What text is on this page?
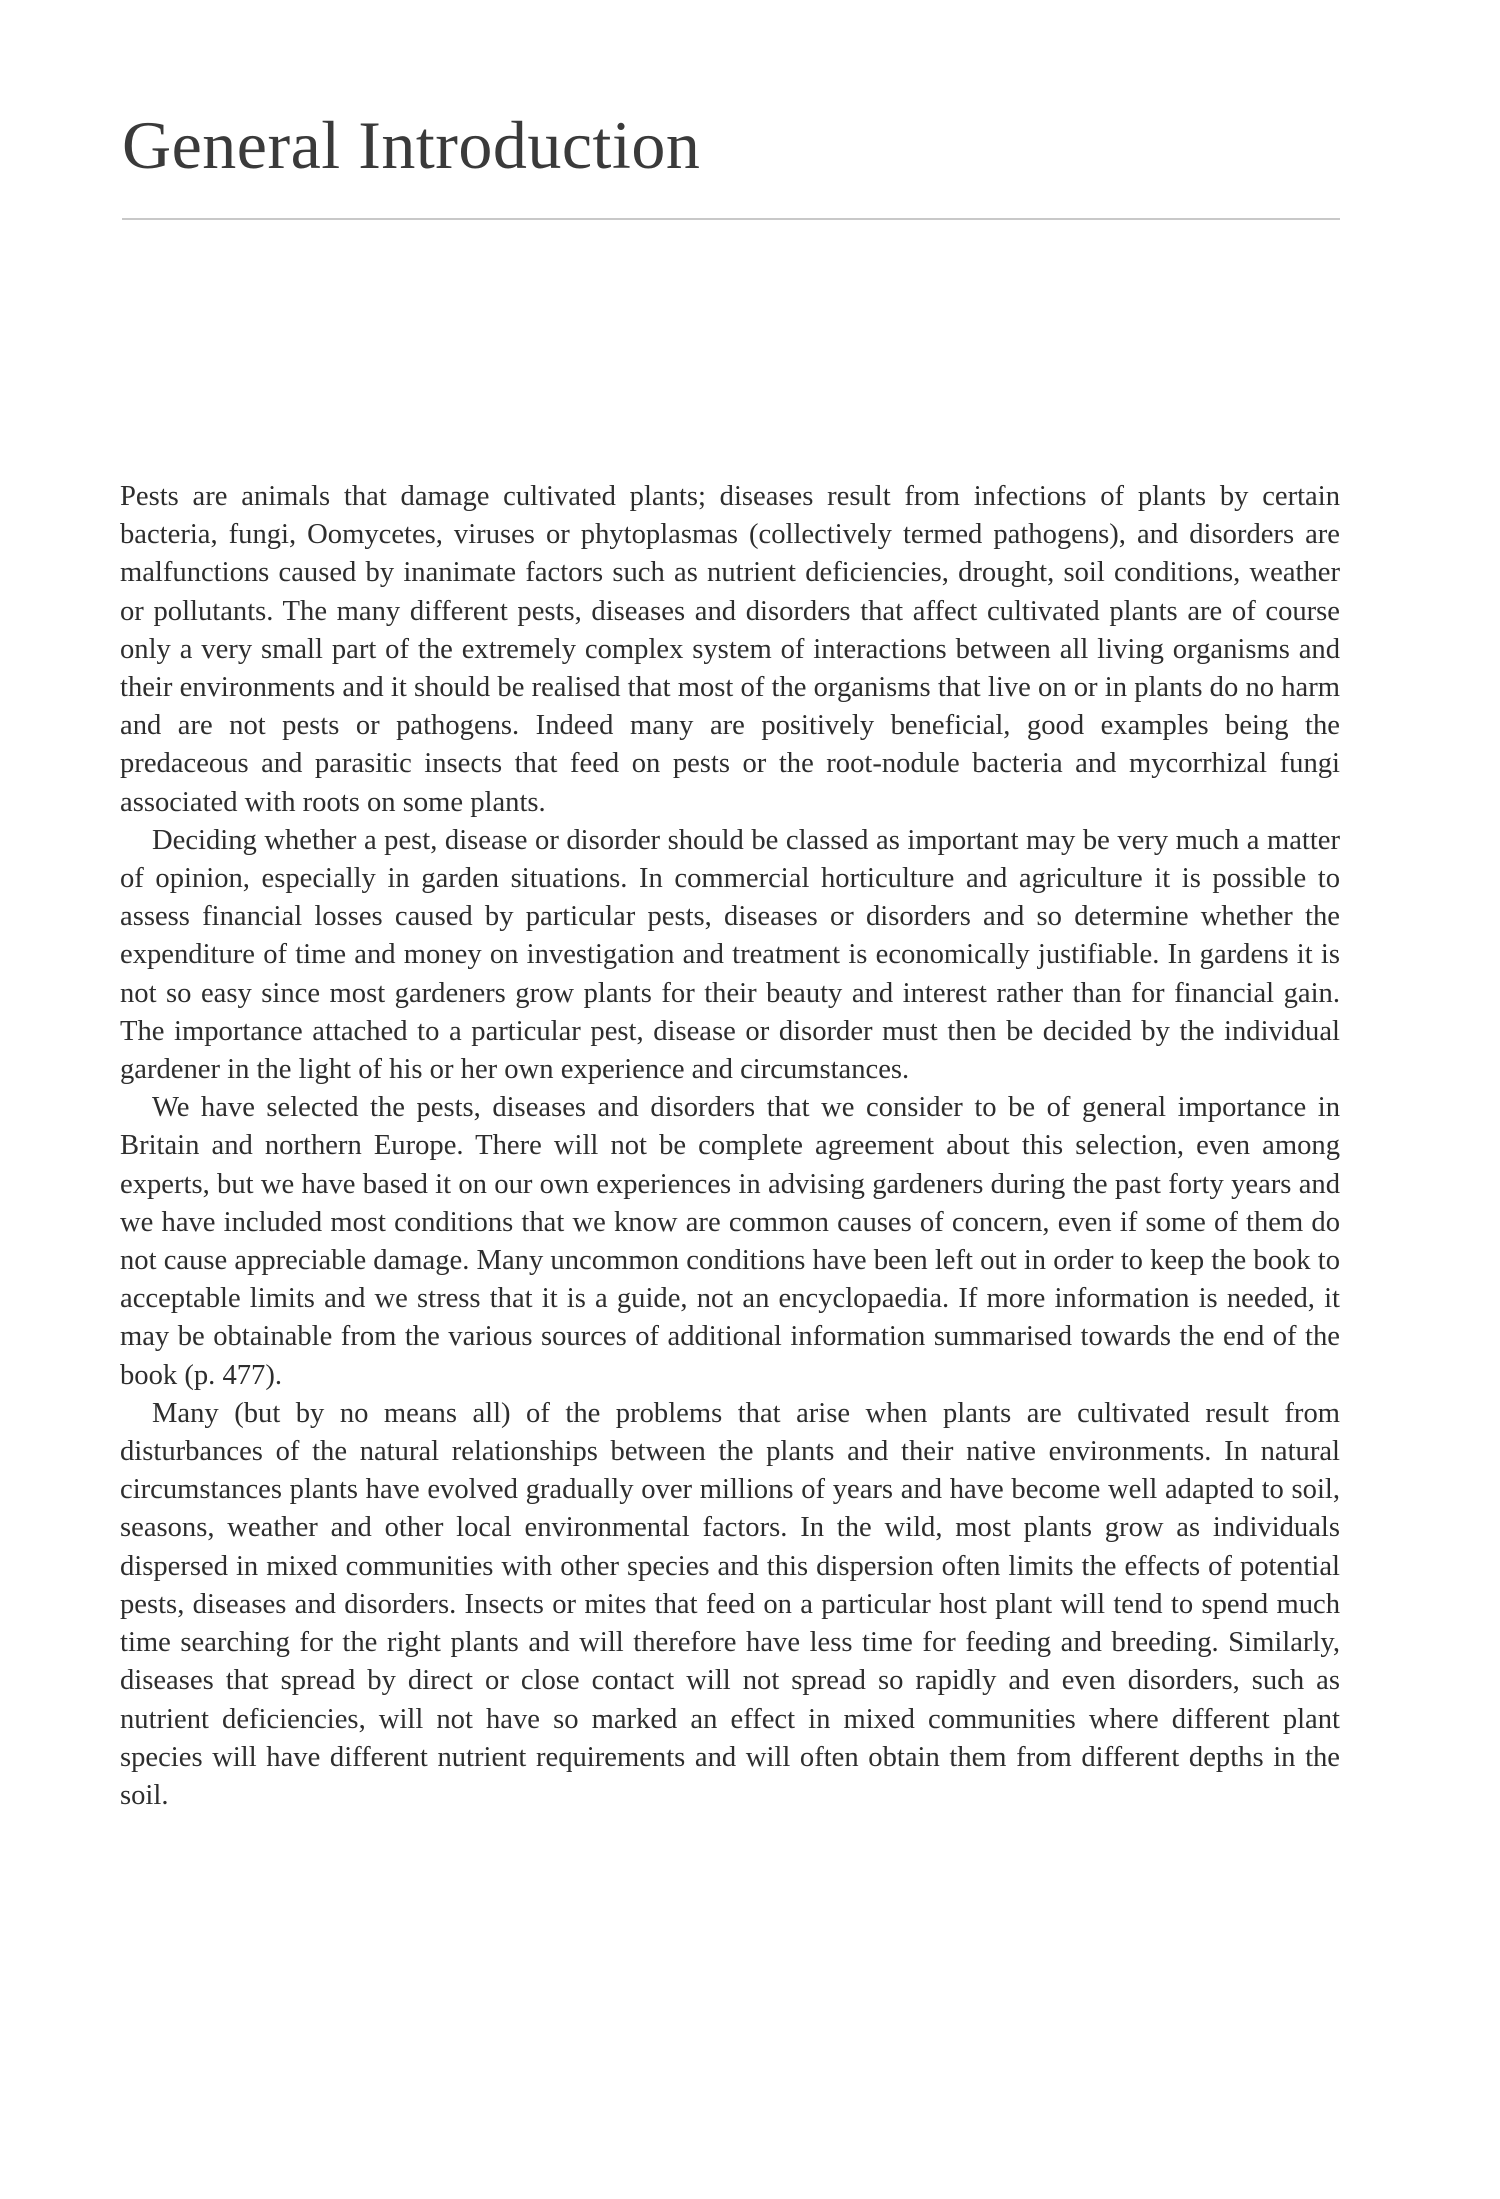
General Introduction

Pests are animals that damage cultivated plants; diseases result from infections of plants by certain bacteria, fungi, Oomycetes, viruses or phytoplasmas (collectively termed pathogens), and disorders are malfunctions caused by inanimate factors such as nutrient deficiencies, drought, soil conditions, weather or pollutants. The many different pests, diseases and disorders that affect cultivated plants are of course only a very small part of the extremely complex system of interactions between all living organisms and their environments and it should be realised that most of the organisms that live on or in plants do no harm and are not pests or pathogens. Indeed many are positively beneficial, good examples being the predaceous and parasitic insects that feed on pests or the root-nodule bacteria and mycorrhizal fungi associated with roots on some plants.

Deciding whether a pest, disease or disorder should be classed as important may be very much a matter of opinion, especially in garden situations. In commercial horticulture and agriculture it is possible to assess financial losses caused by particular pests, diseases or disorders and so determine whether the expenditure of time and money on investigation and treatment is economically justifiable. In gardens it is not so easy since most gardeners grow plants for their beauty and interest rather than for financial gain. The importance attached to a particular pest, disease or disorder must then be decided by the individual gardener in the light of his or her own experience and circumstances.

We have selected the pests, diseases and disorders that we consider to be of general importance in Britain and northern Europe. There will not be complete agreement about this selection, even among experts, but we have based it on our own experiences in advising gardeners during the past forty years and we have included most conditions that we know are common causes of concern, even if some of them do not cause appreciable damage. Many uncommon conditions have been left out in order to keep the book to acceptable limits and we stress that it is a guide, not an encyclopaedia. If more information is needed, it may be obtainable from the various sources of additional information summarised towards the end of the book (p. 477).

Many (but by no means all) of the problems that arise when plants are cultivated result from disturbances of the natural relationships between the plants and their native environments. In natural circumstances plants have evolved gradually over millions of years and have become well adapted to soil, seasons, weather and other local environmental factors. In the wild, most plants grow as individuals dispersed in mixed communities with other species and this dispersion often limits the effects of potential pests, diseases and disorders. Insects or mites that feed on a particular host plant will tend to spend much time searching for the right plants and will therefore have less time for feeding and breeding. Similarly, diseases that spread by direct or close contact will not spread so rapidly and even disorders, such as nutrient deficiencies, will not have so marked an effect in mixed communities where different plant species will have different nutrient requirements and will often obtain them from different depths in the soil.
